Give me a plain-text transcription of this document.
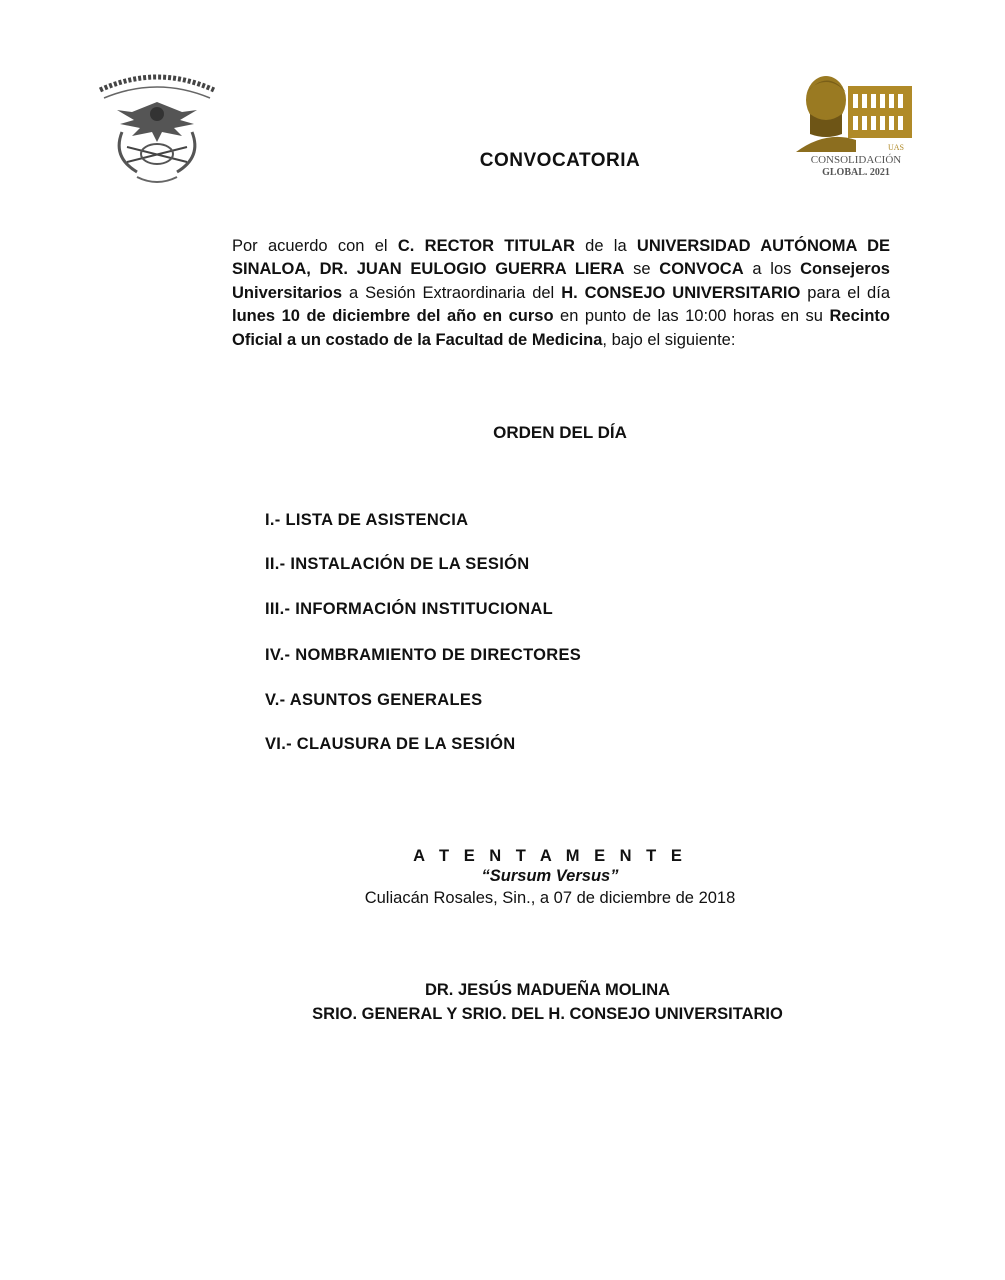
UAS
CONSOLIDACIÓN
GLOBAL. 2021
CONVOCATORIA

Por acuerdo con el C. RECTOR TITULAR de la UNIVERSIDAD AUTÓNOMA DE SINALOA, DR. JUAN EULOGIO GUERRA LIERA se CONVOCA a los Consejeros Universitarios a Sesión Extraordinaria del H. CONSEJO UNIVERSITARIO para el día lunes 10 de diciembre del año en curso en punto de las 10:00 horas en su Recinto Oficial a un costado de la Facultad de Medicina, bajo el siguiente:

ORDEN DEL DÍA
I.- LISTA DE ASISTENCIA
II.- INSTALACIÓN DE LA SESIÓN
III.- INFORMACIÓN INSTITUCIONAL
IV.- NOMBRAMIENTO DE DIRECTORES
V.- ASUNTOS GENERALES
VI.- CLAUSURA DE LA SESIÓN
A T E N T A M E N T E
“Sursum Versus”
Culiacán Rosales, Sin., a 07 de diciembre de 2018
DR. JESÚS MADUEÑA MOLINA
SRIO. GENERAL Y SRIO. DEL H. CONSEJO UNIVERSITARIO
